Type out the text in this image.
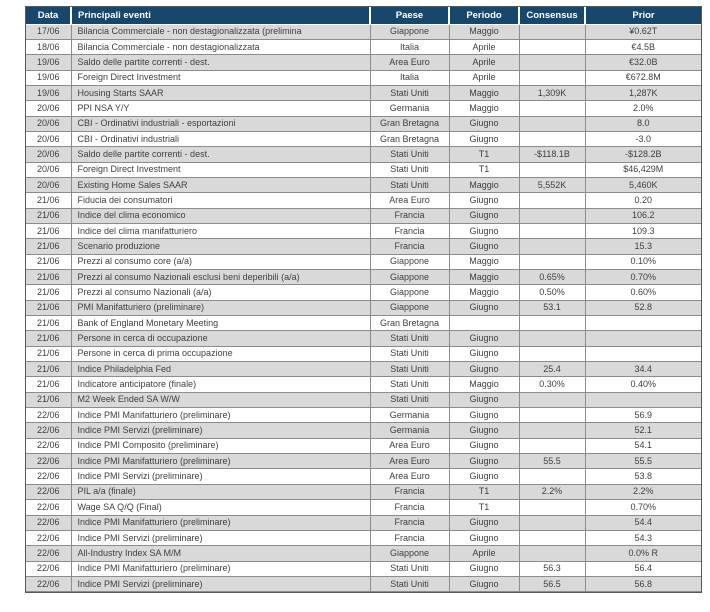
Data	Principali eventi	Paese	Periodo	Consensus	Prior
17/06	Bilancia Commerciale - non destagionalizzata (prelimina	Giappone	Maggio		¥0.62T
18/06	Bilancia Commerciale - non destagionalizzata	Italia	Aprile		€4.5B
19/06	Saldo delle partite correnti - dest.	Area Euro	Aprile		€32.0B
19/06	Foreign Direct Investment	Italia	Aprile		€672.8M
19/06	Housing Starts SAAR	Stati Uniti	Maggio	1,309K	1,287K
20/06	PPI NSA Y/Y	Germania	Maggio		2.0%
20/06	CBI - Ordinativi industriali - esportazioni	Gran Bretagna	Giugno		8.0
20/06	CBI - Ordinativi industriali	Gran Bretagna	Giugno		-3.0
20/06	Saldo delle partite correnti - dest.	Stati Uniti	T1	-$118.1B	-$128.2B
20/06	Foreign Direct Investment	Stati Uniti	T1		$46,429M
20/06	Existing Home Sales SAAR	Stati Uniti	Maggio	5,552K	5,460K
21/06	Fiducia dei consumatori	Area Euro	Giugno		0.20
21/06	Indice del clima economico	Francia	Giugno		106.2
21/06	Indice del clima manifatturiero	Francia	Giugno		109.3
21/06	Scenario produzione	Francia	Giugno		15.3
21/06	Prezzi al consumo core (a/a)	Giappone	Maggio		0.10%
21/06	Prezzi al consumo Nazionali esclusi beni deperibili (a/a)	Giappone	Maggio	0.65%	0.70%
21/06	Prezzi al consumo Nazionali (a/a)	Giappone	Maggio	0.50%	0.60%
21/06	PMI Manifatturiero (preliminare)	Giappone	Giugno	53.1	52.8
21/06	Bank of England Monetary Meeting	Gran Bretagna			
21/06	Persone in cerca di occupazione	Stati Uniti	Giugno		
21/06	Persone in cerca di prima occupazione	Stati Uniti	Giugno		
21/06	Indice Philadelphia Fed	Stati Uniti	Giugno	25.4	34.4
21/06	Indicatore anticipatore (finale)	Stati Uniti	Maggio	0.30%	0.40%
21/06	M2 Week Ended SA W/W	Stati Uniti	Giugno		
22/06	Indice PMI Manifatturiero (preliminare)	Germania	Giugno		56.9
22/06	Indice PMI Servizi (preliminare)	Germania	Giugno		52.1
22/06	Indice PMI Composito (preliminare)	Area Euro	Giugno		54.1
22/06	Indice PMI Manifatturiero (preliminare)	Area Euro	Giugno	55.5	55.5
22/06	Indice PMI Servizi (preliminare)	Area Euro	Giugno		53.8
22/06	PIL a/a (finale)	Francia	T1	2.2%	2.2%
22/06	Wage SA Q/Q (Final)	Francia	T1		0.70%
22/06	Indice PMI Manifatturiero (preliminare)	Francia	Giugno		54.4
22/06	Indice PMI Servizi (preliminare)	Francia	Giugno		54.3
22/06	All-Industry Index SA M/M	Giappone	Aprile		0.0% R
22/06	Indice PMI Manifatturiero (preliminare)	Stati Uniti	Giugno	56.3	56.4
22/06	Indice PMI Servizi (preliminare)	Stati Uniti	Giugno	56.5	56.8
